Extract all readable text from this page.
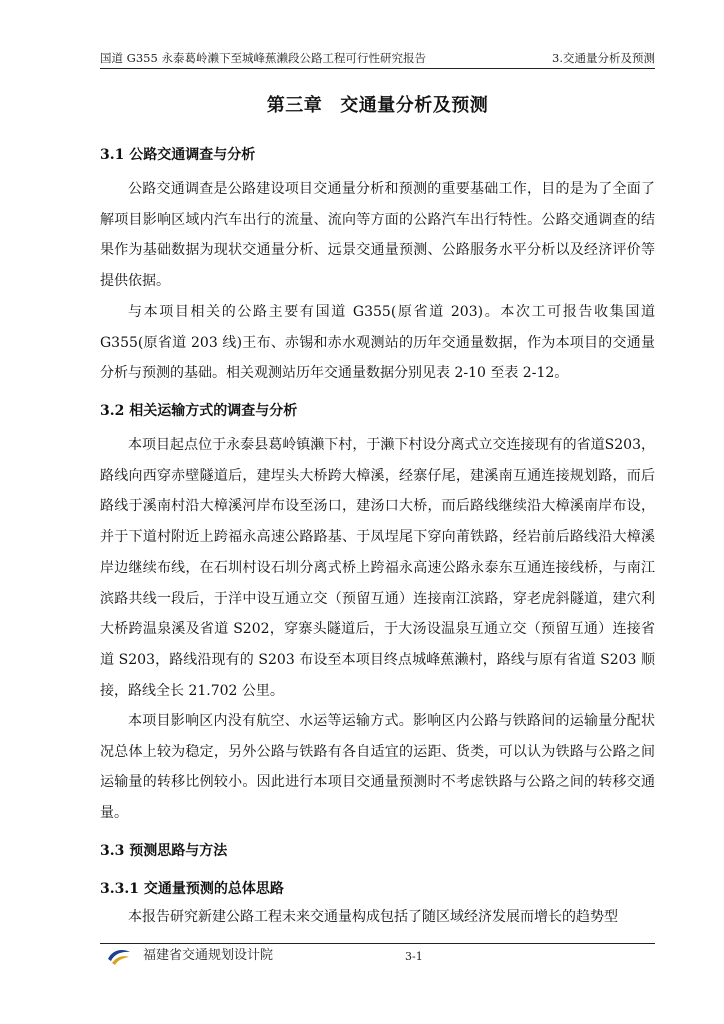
国道 G355 永泰葛岭濑下至城峰蕉濑段公路工程可行性研究报告	3.交通量分析及预测
第三章 交通量分析及预测
3.1 公路交通调查与分析

公路交通调查是公路建设项目交通量分析和预测的重要基础工作，目的是为了全面了解项目影响区域内汽车出行的流量、流向等方面的公路汽车出行特性。公路交通调查的结果作为基础数据为现状交通量分析、远景交通量预测、公路服务水平分析以及经济评价等提供依据。

与本项目相关的公路主要有国道 G355(原省道 203)。本次工可报告收集国道G355(原省道 203 线)王布、赤锡和赤水观测站的历年交通量数据，作为本项目的交通量分析与预测的基础。相关观测站历年交通量数据分别见表 2-10 至表 2-12。

3.2 相关运输方式的调查与分析

本项目起点位于永泰县葛岭镇濑下村，于濑下村设分离式立交连接现有的省道S203，路线向西穿赤壁隧道后，建埕头大桥跨大樟溪，经寨仔尾，建溪南互通连接规划路，而后路线于溪南村沿大樟溪河岸布设至汤口，建汤口大桥，而后路线继续沿大樟溪南岸布设，并于下道村附近上跨福永高速公路路基、于凤埕尾下穿向莆铁路，经岩前后路线沿大樟溪岸边继续布线，在石圳村设石圳分离式桥上跨福永高速公路永泰东互通连接线桥，与南江滨路共线一段后，于洋中设互通立交（预留互通）连接南江滨路，穿老虎斜隧道，建穴利大桥跨温泉溪及省道 S202，穿寨头隧道后，于大汤设温泉互通立交（预留互通）连接省道 S203，路线沿现有的 S203 布设至本项目终点城峰蕉濑村，路线与原有省道 S203 顺接，路线全长 21.702 公里。

本项目影响区内没有航空、水运等运输方式。影响区内公路与铁路间的运输量分配状况总体上较为稳定，另外公路与铁路有各自适宜的运距、货类，可以认为铁路与公路之间运输量的转移比例较小。因此进行本项目交通量预测时不考虑铁路与公路之间的转移交通量。

3.3 预测思路与方法
3.3.1 交通量预测的总体思路

本报告研究新建公路工程未来交通量构成包括了随区域经济发展而增长的趋势型

福建省交通规划设计院	3-1
